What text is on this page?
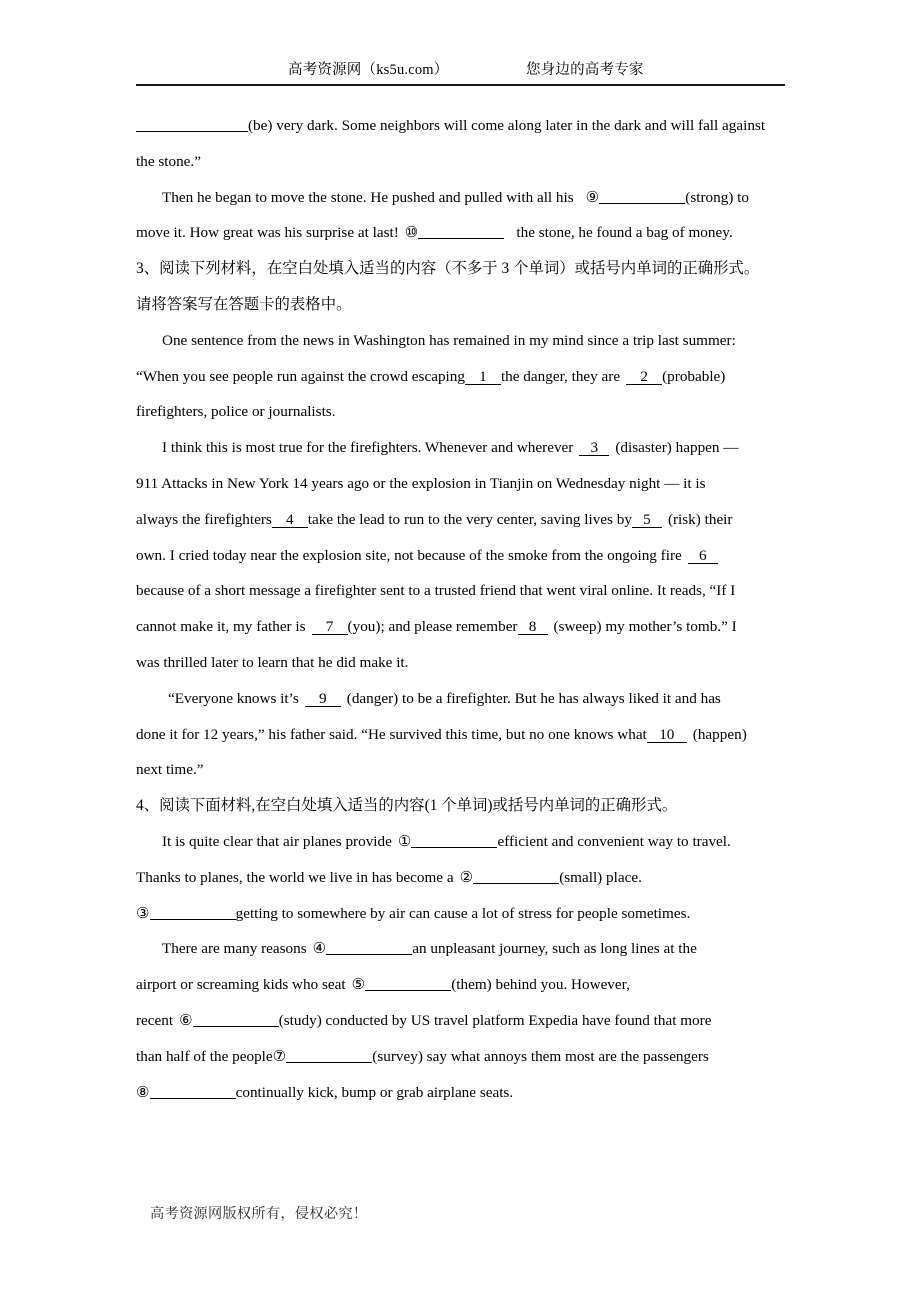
高考资源网（ks5u.com）	您身边的高考专家

(be) very dark. Some neighbors will come along later in the dark and will fall against

the stone.”

Then he began to move the stone. He pushed and pulled with all his ⑨	(strong) to

move it. How great was his surprise at last! ⑩	the stone, he found a bag of money.

3、阅读下列材料，在空白处填入适当的内容（不多于 3 个单词）或括号内单词的正确形式。

请将答案写在答题卡的表格中。

One sentence from the news in Washington has remained in my mind since a trip last summer:

“When you see people run against the crowd escaping 1 the danger, they are 2 (probable)

firefighters, police or journalists.

I think this is most true for the firefighters. Whenever and wherever 3 (disaster) happen —

911 Attacks in New York 14 years ago or the explosion in Tianjin on Wednesday night — it is

always the firefighters 4 take the lead to run to the very center, saving lives by 5 (risk) their

own. I cried today near the explosion site, not because of the smoke from the ongoing fire 6

because of a short message a firefighter sent to a trusted friend that went viral online. It reads, “If I

cannot make it, my father is 7 (you); and please remember 8 (sweep) my mother’s tomb.” I

was thrilled later to learn that he did make it.

“Everyone knows it’s 9 (danger) to be a firefighter. But he has always liked it and has

done it for 12 years,” his father said. “He survived this time, but no one knows what 10 (happen)

next time.”

4、阅读下面材料,在空白处填入适当的内容(1 个单词)或括号内单词的正确形式。

It is quite clear that air planes provide ①	efficient and convenient way to travel.

Thanks to planes, the world we live in has become a ②	(small) place.

③	getting to somewhere by air can cause a lot of stress for people sometimes.

There are many reasons ④	an unpleasant journey, such as long lines at the

airport or screaming kids who seat ⑤	(them) behind you. However,

recent ⑥	(study) conducted by US travel platform Expedia have found that more

than half of the people⑦	(survey) say what annoys them most are the passengers

⑧	continually kick, bump or grab airplane seats.

高考资源网版权所有，侵权必究！
